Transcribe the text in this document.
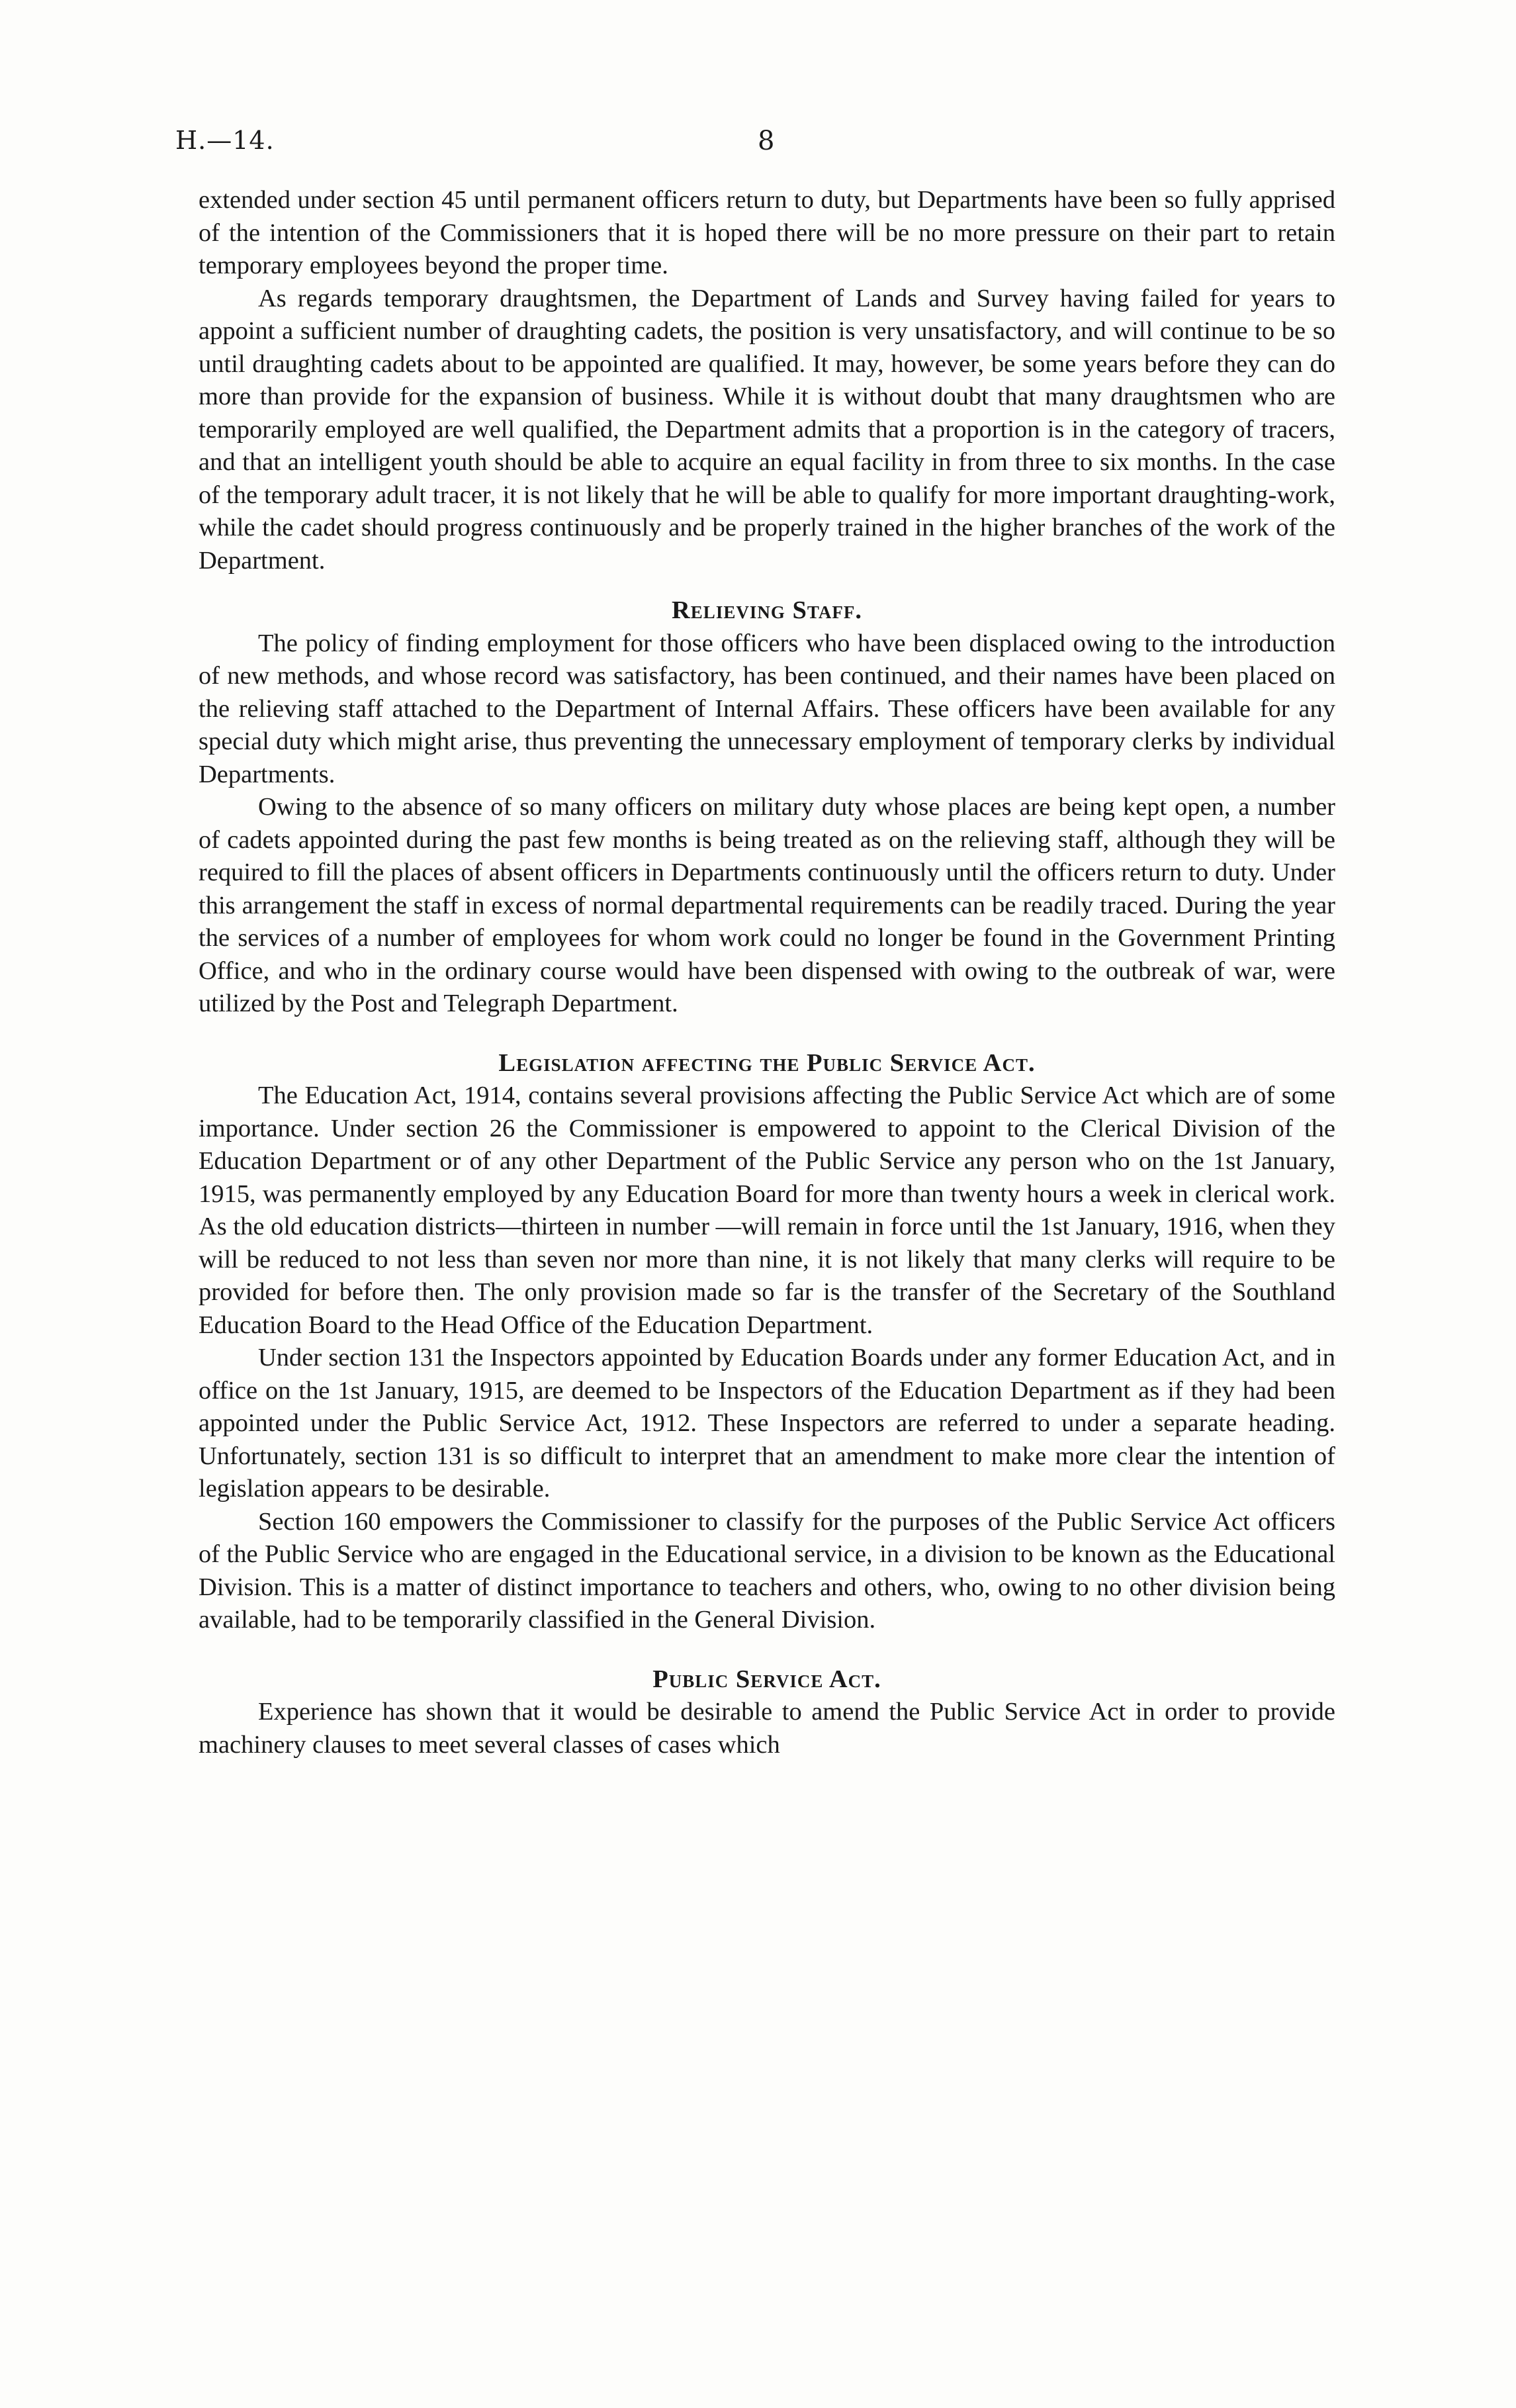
H.—14.	8

extended under section 45 until permanent officers return to duty, but Departments have been so fully apprised of the intention of the Commissioners that it is hoped there will be no more pressure on their part to retain temporary employees beyond the proper time.

As regards temporary draughtsmen, the Department of Lands and Survey having failed for years to appoint a sufficient number of draughting cadets, the position is very unsatisfactory, and will continue to be so until draughting cadets about to be appointed are qualified. It may, however, be some years before they can do more than provide for the expansion of business. While it is without doubt that many draughtsmen who are temporarily employed are well qualified, the Department admits that a proportion is in the category of tracers, and that an intelligent youth should be able to acquire an equal facility in from three to six months. In the case of the temporary adult tracer, it is not likely that he will be able to qualify for more important draughting-work, while the cadet should progress continuously and be properly trained in the higher branches of the work of the Department.

Relieving Staff.

The policy of finding employment for those officers who have been displaced owing to the introduction of new methods, and whose record was satisfactory, has been continued, and their names have been placed on the relieving staff attached to the Department of Internal Affairs. These officers have been available for any special duty which might arise, thus preventing the unnecessary employment of temporary clerks by individual Departments.

Owing to the absence of so many officers on military duty whose places are being kept open, a number of cadets appointed during the past few months is being treated as on the relieving staff, although they will be required to fill the places of absent officers in Departments continuously until the officers return to duty. Under this arrangement the staff in excess of normal departmental requirements can be readily traced. During the year the services of a number of employees for whom work could no longer be found in the Government Printing Office, and who in the ordinary course would have been dispensed with owing to the outbreak of war, were utilized by the Post and Telegraph Department.

Legislation affecting the Public Service Act.

The Education Act, 1914, contains several provisions affecting the Public Service Act which are of some importance. Under section 26 the Commissioner is empowered to appoint to the Clerical Division of the Education Department or of any other Department of the Public Service any person who on the 1st January, 1915, was permanently employed by any Education Board for more than twenty hours a week in clerical work. As the old education districts—thirteen in number —will remain in force until the 1st January, 1916, when they will be reduced to not less than seven nor more than nine, it is not likely that many clerks will require to be provided for before then. The only provision made so far is the transfer of the Secretary of the Southland Education Board to the Head Office of the Education Department.

Under section 131 the Inspectors appointed by Education Boards under any former Education Act, and in office on the 1st January, 1915, are deemed to be Inspectors of the Education Department as if they had been appointed under the Public Service Act, 1912. These Inspectors are referred to under a separate heading. Unfortunately, section 131 is so difficult to interpret that an amendment to make more clear the intention of legislation appears to be desirable.

Section 160 empowers the Commissioner to classify for the purposes of the Public Service Act officers of the Public Service who are engaged in the Educational service, in a division to be known as the Educational Division. This is a matter of distinct importance to teachers and others, who, owing to no other division being available, had to be temporarily classified in the General Division.

Public Service Act.

Experience has shown that it would be desirable to amend the Public Service Act in order to provide machinery clauses to meet several classes of cases which
